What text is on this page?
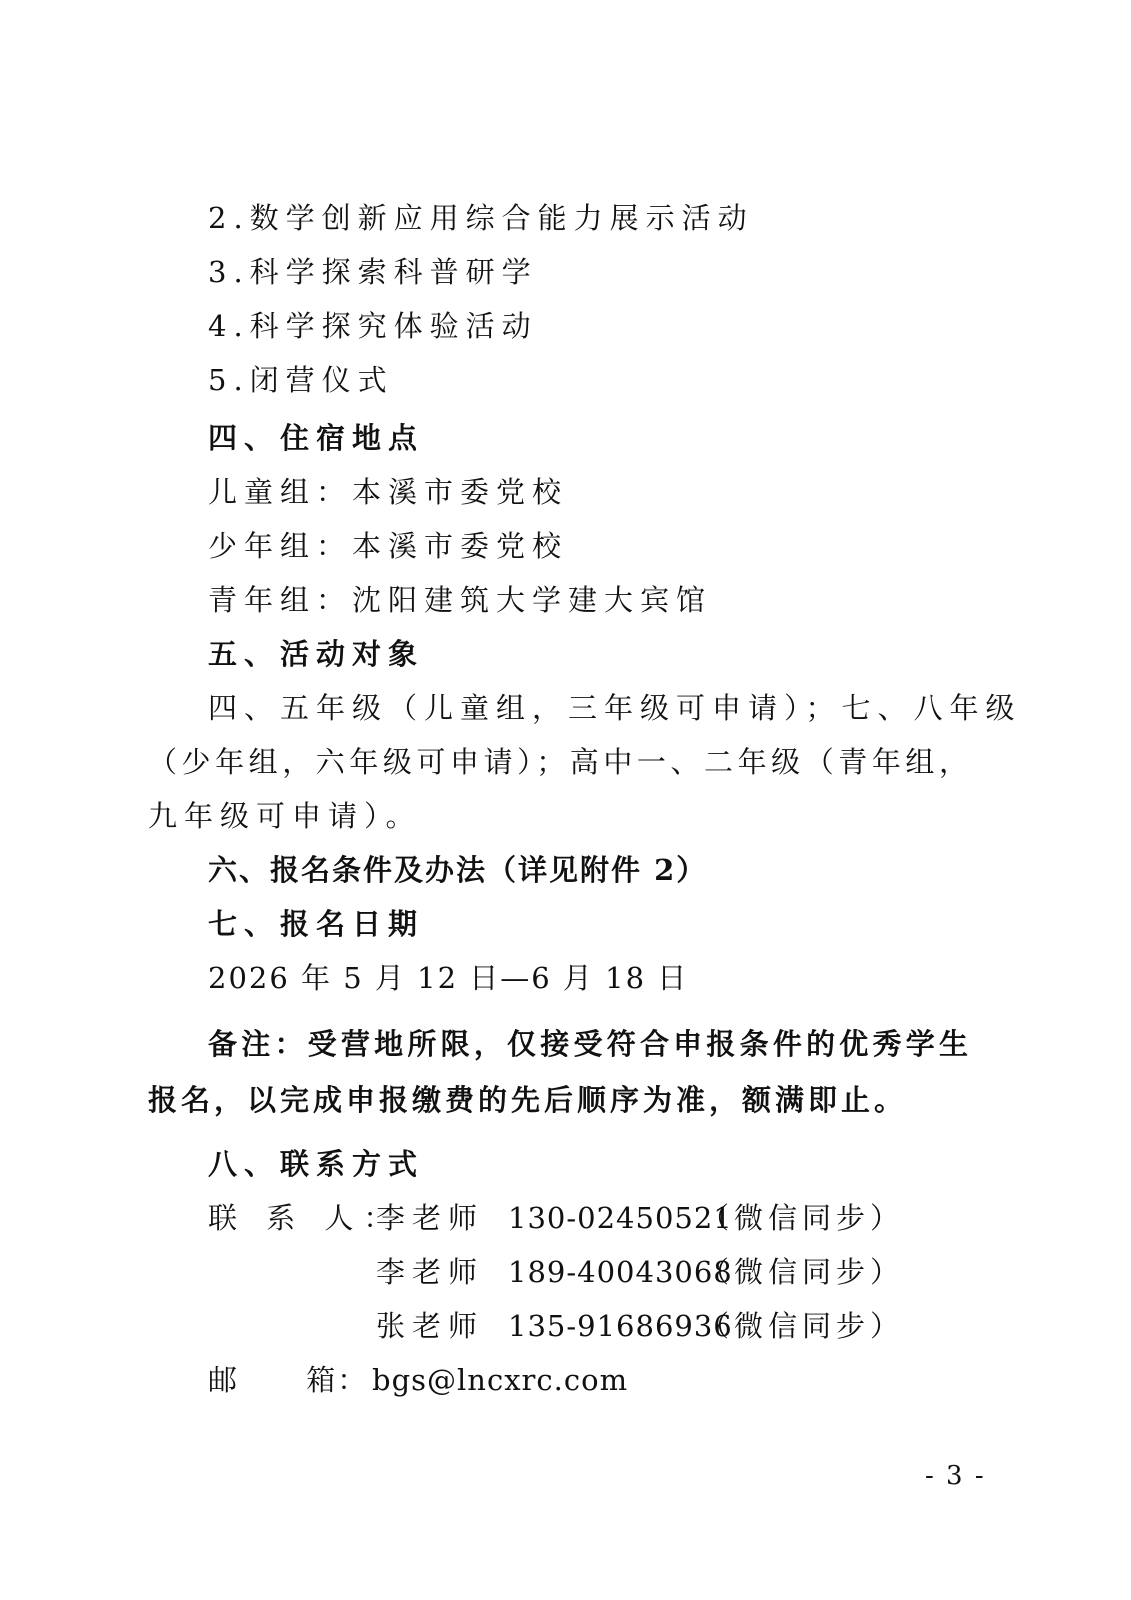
2.数学创新应用综合能力展示活动
3.科学探索科普研学
4.科学探究体验活动
5.闭营仪式
四、住宿地点
儿童组：本溪市委党校
少年组：本溪市委党校
青年组：沈阳建筑大学建大宾馆
五、活动对象
四、五年级（儿童组，三年级可申请）；七、八年级
（少年组，六年级可申请）；高中一、二年级（青年组，
九年级可申请）。
六、报名条件及办法（详见附件 2）
七、报名日期
2026 年 5 月 12 日—6 月 18 日
备注：受营地所限，仅接受符合申报条件的优秀学生
报名，以完成申报缴费的先后顺序为准，额满即止。
八、联系方式
联 系 人：
李老师 130-02450521
（微信同步）
李老师 189-40043068
（微信同步）
张老师 135-91686936
（微信同步）
邮      箱： bgs@lncxrc.com
- 3 -
